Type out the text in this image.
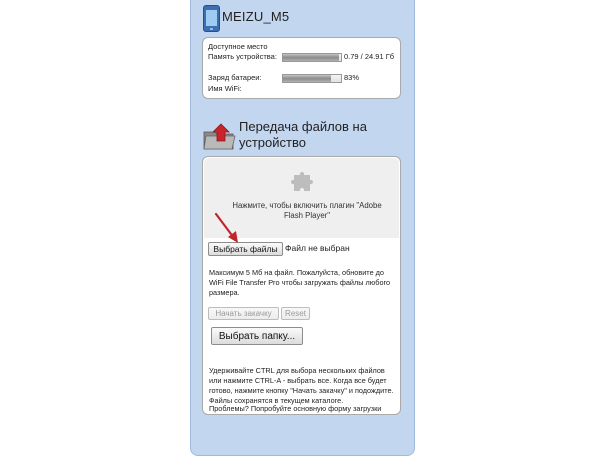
MEIZU_M5
Доступное место
Память устройства:	0.79 / 24.91 Гб
Заряд батареи:	83%
Имя WiFi:
Передача файлов на устройство
Нажмите, чтобы включить плагин "Adobe Flash Player"
Выбрать файлы Файл не выбран
Максимум 5 Мб на файл. Пожалуйста, обновите до WiFi File Transfer Pro чтобы загружать файлы любого размера.
Начать закачку	Reset
Выбрать папку...
Удерживайте CTRL для выбора нескольких файлов или нажмите CTRL-A - выбрать все. Когда все будет готово, нажмите кнопку "Начать закачку" и подождите. Файлы сохранятся в текущем каталоге.
Проблемы? Попробуйте основную форму загрузки
